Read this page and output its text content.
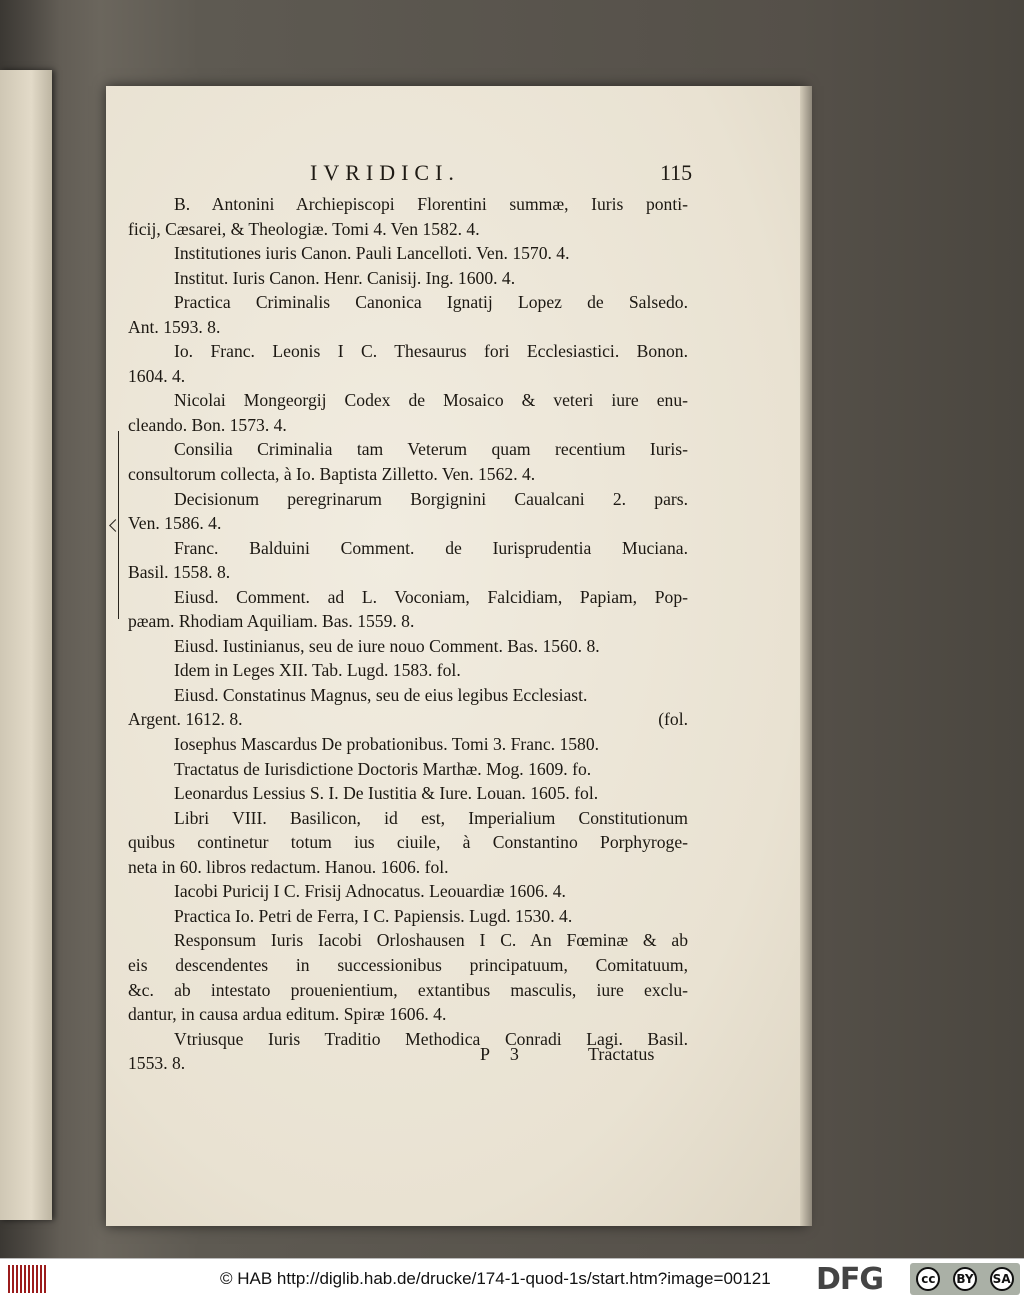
IVRIDICI.	115
B. Antonini Archiepiscopi Florentini summæ, Iuris ponti-
ficij, Cæsarei, & Theologiæ. Tomi 4. Ven 1582. 4.
Institutiones iuris Canon. Pauli Lancelloti. Ven. 1570. 4.
Institut. Iuris Canon. Henr. Canisij. Ing. 1600. 4.
Practica Criminalis Canonica Ignatij Lopez de Salsedo.
Ant. 1593. 8.
Io. Franc. Leonis I C. Thesaurus fori Ecclesiastici. Bonon.
1604. 4.
Nicolai Mongeorgij Codex de Mosaico & veteri iure enu-
cleando. Bon. 1573. 4.
Consilia Criminalia tam Veterum quam recentium Iuris-
consultorum collecta, à Io. Baptista Zilletto. Ven. 1562. 4.
Decisionum peregrinarum Borgignini Caualcani 2. pars.
Ven. 1586. 4.
Franc. Balduini Comment. de Iurisprudentia Muciana.
Basil. 1558. 8.
Eiusd. Comment. ad L. Voconiam, Falcidiam, Papiam, Pop-
pæam. Rhodiam Aquiliam. Bas. 1559. 8.
Eiusd. Iustinianus, seu de iure nouo Comment. Bas. 1560. 8.
Idem in Leges XII. Tab. Lugd. 1583. fol.
Eiusd. Constatinus Magnus, seu de eius legibus Ecclesiast.
Argent. 1612. 8.	(fol.
Iosephus Mascardus De probationibus. Tomi 3. Franc. 1580.
Tractatus de Iurisdictione Doctoris Marthæ. Mog. 1609. fo.
Leonardus Lessius S. I. De Iustitia & Iure. Louan. 1605. fol.
Libri VIII. Basilicon, id est, Imperialium Constitutionum
quibus continetur totum ius ciuile, à Constantino Porphyroge-
neta in 60. libros redactum. Hanou. 1606. fol.
Iacobi Puricij I C. Frisij Adnocatus. Leouardiæ 1606. 4.
Practica Io. Petri de Ferra, I C. Papiensis. Lugd. 1530. 4.
Responsum Iuris Iacobi Orloshausen I C. An Fœminæ & ab
eis descendentes in successionibus principatuum, Comitatuum,
&c. ab intestato prouenientium, extantibus masculis, iure exclu-
dantur, in causa ardua editum. Spiræ 1606. 4.
Vtriusque Iuris Traditio Methodica Conradi Lagi. Basil.
1553. 8.	P 3	Tractatus
© HAB http://diglib.hab.de/drucke/174-1-quod-1s/start.htm?image=00121 DFG	cc	BY SA
